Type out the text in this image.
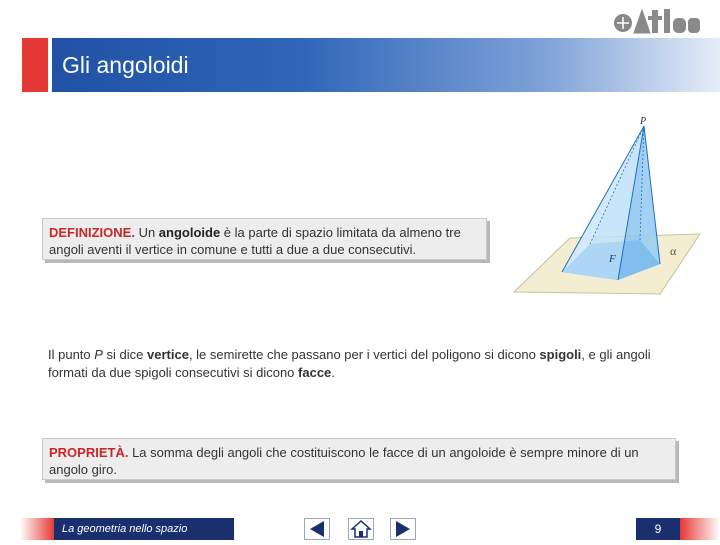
Gli angoloidi
DEFINIZIONE. Un angoloide è la parte di spazio limitata da almeno tre angoli aventi il vertice in comune e tutti a due a due consecutivi.
P
F
α
Il punto P si dice vertice, le semirette che passano per i vertici del poligono si dicono spigoli, e gli angoli formati da due spigoli consecutivi si dicono facce.
PROPRIETÀ. La somma degli angoli che costituiscono le facce di un angoloide è sempre minore di un angolo giro.
La geometria nello spazio	9
